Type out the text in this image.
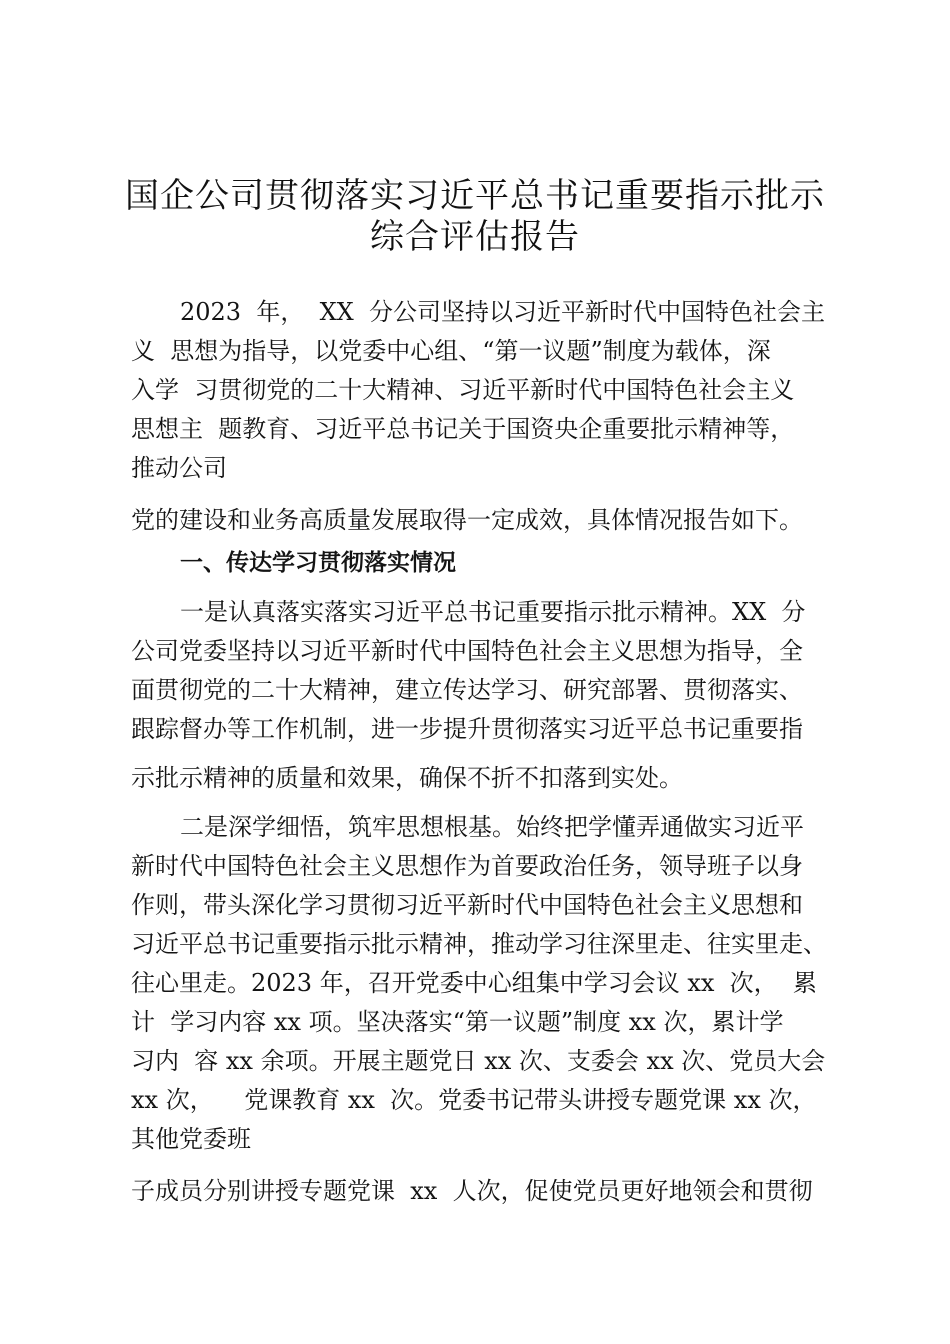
国企公司贯彻落实习近平总书记重要指示批示
综合评估报告
2023  年，  XX  分公司坚持以习近平新时代中国特色社会主
义  思想为指导，以党委中心组、“第一议题”制度为载体，深
入学  习贯彻党的二十大精神、习近平新时代中国特色社会主义
思想主  题教育、习近平总书记关于国资央企重要批示精神等，
推动公司
党的建设和业务高质量发展取得一定成效，具体情况报告如下。
一、传达学习贯彻落实情况
一是认真落实落实习近平总书记重要指示批示精神。XX  分
公司党委坚持以习近平新时代中国特色社会主义思想为指导，全
面贯彻党的二十大精神，建立传达学习、研究部署、贯彻落实、
跟踪督办等工作机制，进一步提升贯彻落实习近平总书记重要指
示批示精神的质量和效果，确保不折不扣落到实处。
二是深学细悟，筑牢思想根基。始终把学懂弄通做实习近平
新时代中国特色社会主义思想作为首要政治任务，领导班子以身
作则，带头深化学习贯彻习近平新时代中国特色社会主义思想和
习近平总书记重要指示批示精神，推动学习往深里走、往实里走、
往心里走。2023 年，召开党委中心组集中学习会议 xx  次，  累
计  学习内容 xx 项。坚决落实“第一议题”制度 xx 次，累计学
习内  容 xx 余项。开展主题党日 xx 次、支委会 xx 次、党员大会
xx 次，    党课教育 xx  次。党委书记带头讲授专题党课 xx 次，
其他党委班
子成员分别讲授专题党课  xx  人次，促使党员更好地领会和贯彻
